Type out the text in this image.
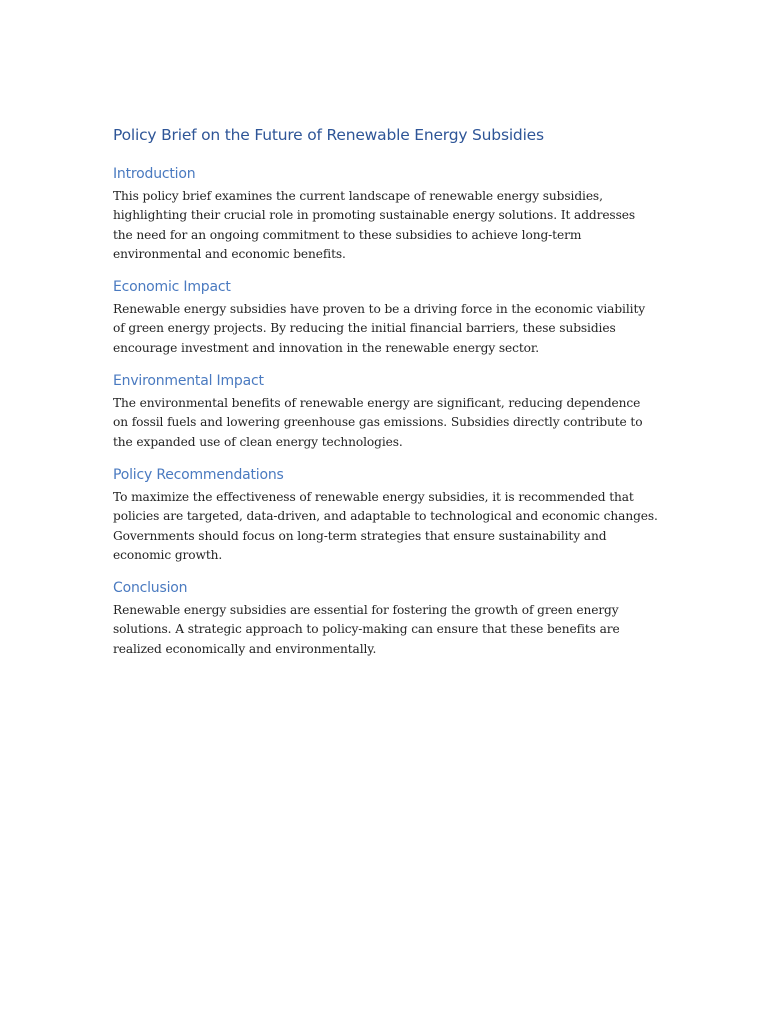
Policy Brief on the Future of Renewable Energy Subsidies
Introduction

This policy brief examines the current landscape of renewable energy subsidies, highlighting their crucial role in promoting sustainable energy solutions. It addresses the need for an ongoing commitment to these subsidies to achieve long-term environmental and economic benefits.

Economic Impact

Renewable energy subsidies have proven to be a driving force in the economic viability of green energy projects. By reducing the initial financial barriers, these subsidies encourage investment and innovation in the renewable energy sector.

Environmental Impact

The environmental benefits of renewable energy are significant, reducing dependence on fossil fuels and lowering greenhouse gas emissions. Subsidies directly contribute to the expanded use of clean energy technologies.

Policy Recommendations

To maximize the effectiveness of renewable energy subsidies, it is recommended that policies are targeted, data-driven, and adaptable to technological and economic changes. Governments should focus on long-term strategies that ensure sustainability and economic growth.

Conclusion

Renewable energy subsidies are essential for fostering the growth of green energy solutions. A strategic approach to policy-making can ensure that these benefits are realized economically and environmentally.
